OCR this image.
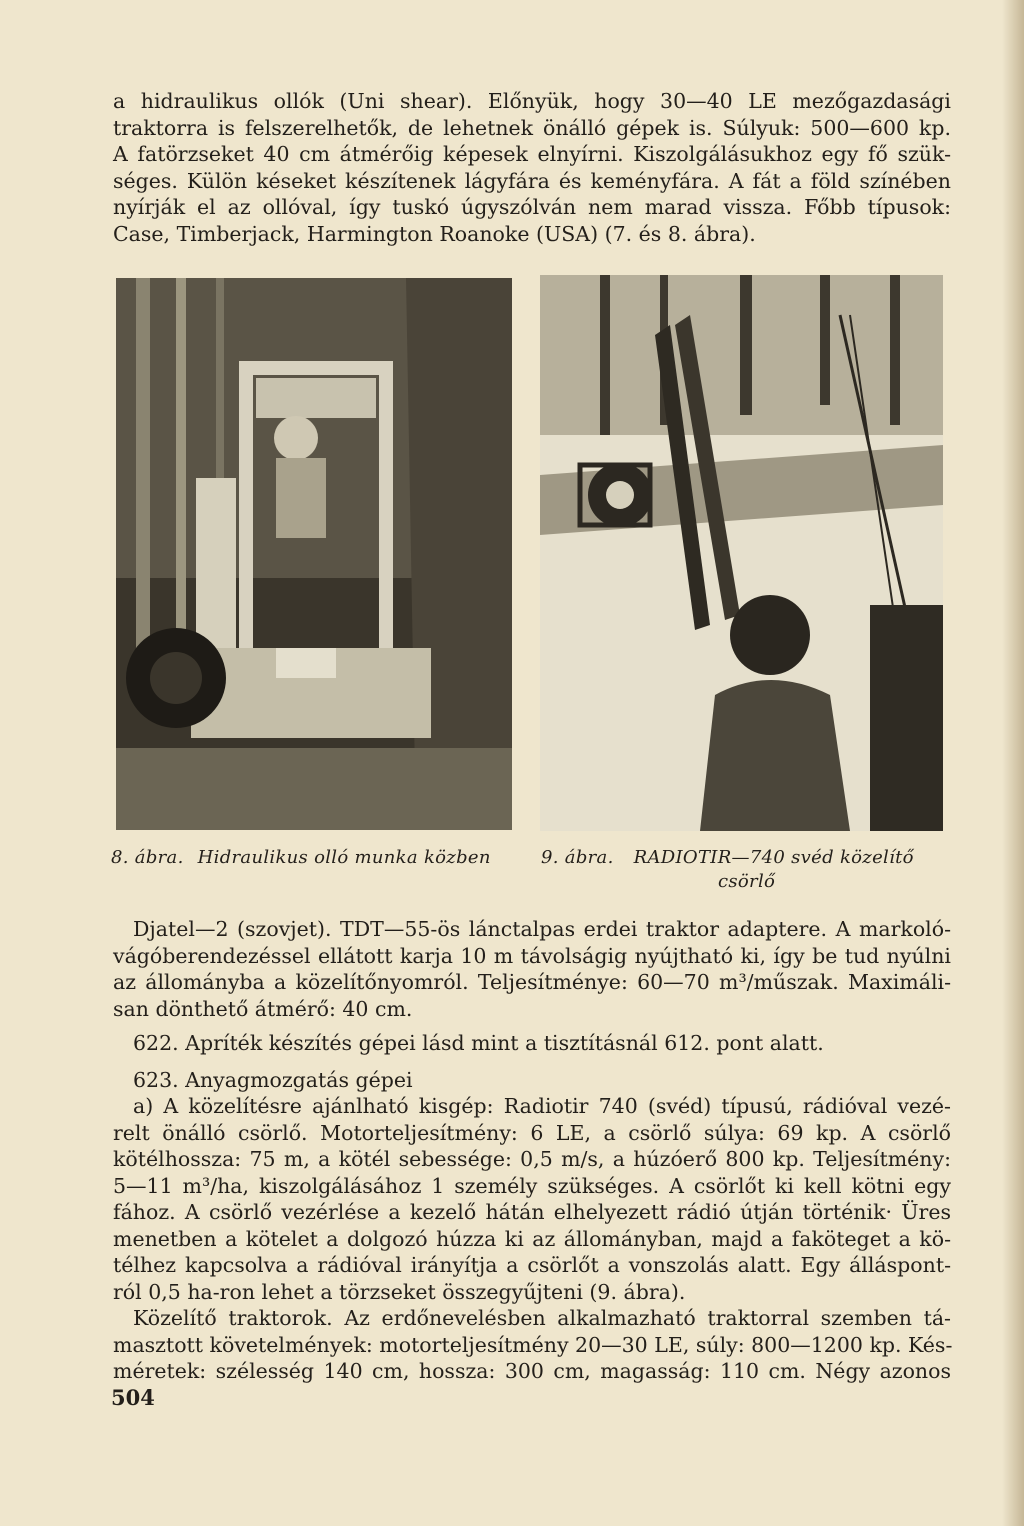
a hidraulikus ollók (Uni shear). Előnyük, hogy 30—40 LE mezőgazdasági
traktorra is felszerelhetők, de lehetnek önálló gépek is. Súlyuk: 500—600 kp.
A fatörzseket 40 cm átmérőig képesek elnyírni. Kiszolgálásukhoz egy fő szük-
séges. Külön késeket készítenek lágyfára és keményfára. A fát a föld színében
nyírják el az ollóval, így tuskó úgyszólván nem marad vissza. Főbb típusok:
Case, Timberjack, Harmington Roanoke (USA) (7. és 8. ábra).
8. ábra. Hidraulikus olló munka közben	9. ábra. RADIOTIR—740 svéd közelítő
csörlő
Djatel—2 (szovjet). TDT—55-ös lánctalpas erdei traktor adaptere. A markoló-
vágóberendezéssel ellátott karja 10 m távolságig nyújtható ki, így be tud nyúlni
az állományba a közelítőnyomról. Teljesítménye: 60—70 m³/műszak. Maximáli-
san dönthető átmérő: 40 cm.
622. Apríték készítés gépei lásd mint a tisztításnál 612. pont alatt.
623. Anyagmozgatás gépei
a) A közelítésre ajánlható kisgép: Radiotir 740 (svéd) típusú, rádióval vezé-
relt önálló csörlő. Motorteljesítmény: 6 LE, a csörlő súlya: 69 kp. A csörlő
kötélhossza: 75 m, a kötél sebessége: 0,5 m/s, a húzóerő 800 kp. Teljesítmény:
5—11 m³/ha, kiszolgálásához 1 személy szükséges. A csörlőt ki kell kötni egy
fához. A csörlő vezérlése a kezelő hátán elhelyezett rádió útján történik· Üres
menetben a kötelet a dolgozó húzza ki az állományban, majd a faköteget a kö-
télhez kapcsolva a rádióval irányítja a csörlőt a vonszolás alatt. Egy álláspont-
ról 0,5 ha-ron lehet a törzseket összegyűjteni (9. ábra).
Közelítő traktorok. Az erdőnevelésben alkalmazható traktorral szemben tá-
masztott követelmények: motorteljesítmény 20—30 LE, súly: 800—1200 kp. Kés-
méretek: szélesség 140 cm, hossza: 300 cm, magasság: 110 cm. Négy azonos
504
